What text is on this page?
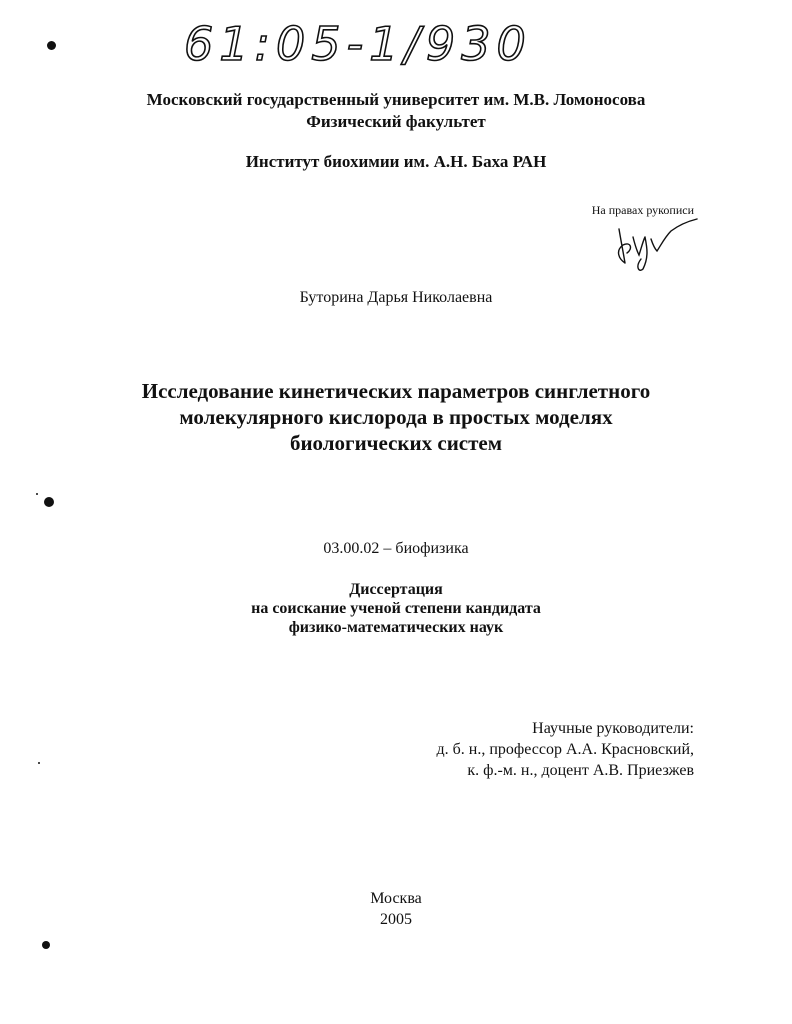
61:05-1/930
Московский государственный университет им. М.В. Ломоносова
Физический факультет
Институт биохимии им. А.Н. Баха РАН
На правах рукописи
Буторина Дарья Николаевна
Исследование кинетических параметров синглетного
молекулярного кислорода в простых моделях
биологических систем
03.00.02 – биофизика
Диссертация
на соискание ученой степени кандидата
физико-математических наук
Научные руководители:
д. б. н., профессор А.А. Красновский,
к. ф.-м. н., доцент А.В. Приезжев
Москва
2005
